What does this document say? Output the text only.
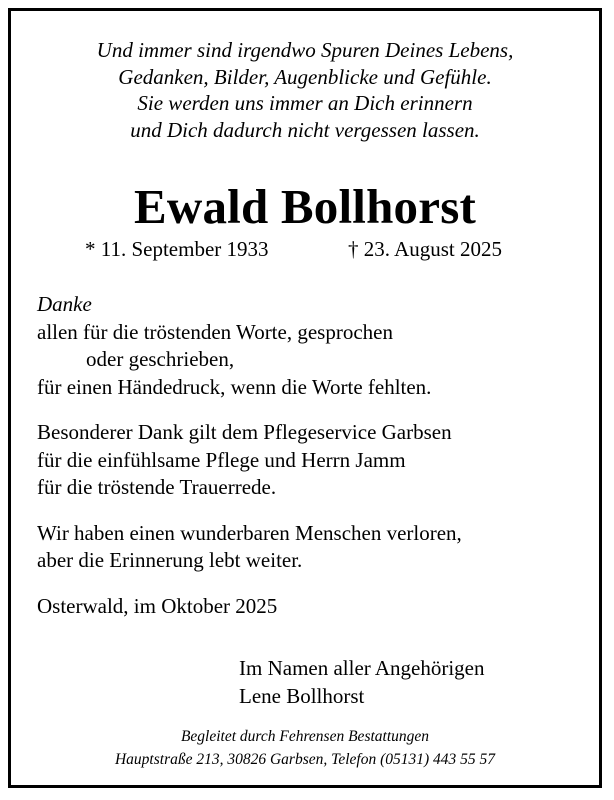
Und immer sind irgendwo Spuren Deines Lebens,
Gedanken, Bilder, Augenblicke und Gefühle.
Sie werden uns immer an Dich erinnern
und Dich dadurch nicht vergessen lassen.
Ewald Bollhorst
* 11. September 1933	† 23. August 2025

Danke

allen für die tröstenden Worte, gesprochen

oder geschrieben,

für einen Händedruck, wenn die Worte fehlten.

Besonderer Dank gilt dem Pflegeservice Garbsen

für die einfühlsame Pflege und Herrn Jamm

für die tröstende Trauerrede.

Wir haben einen wunderbaren Menschen verloren,

aber die Erinnerung lebt weiter.

Osterwald, im Oktober 2025

Im Namen aller Angehörigen
Lene Bollhorst
Begleitet durch Fehrensen Bestattungen
Hauptstraße 213, 30826 Garbsen, Telefon (05131) 443 55 57
